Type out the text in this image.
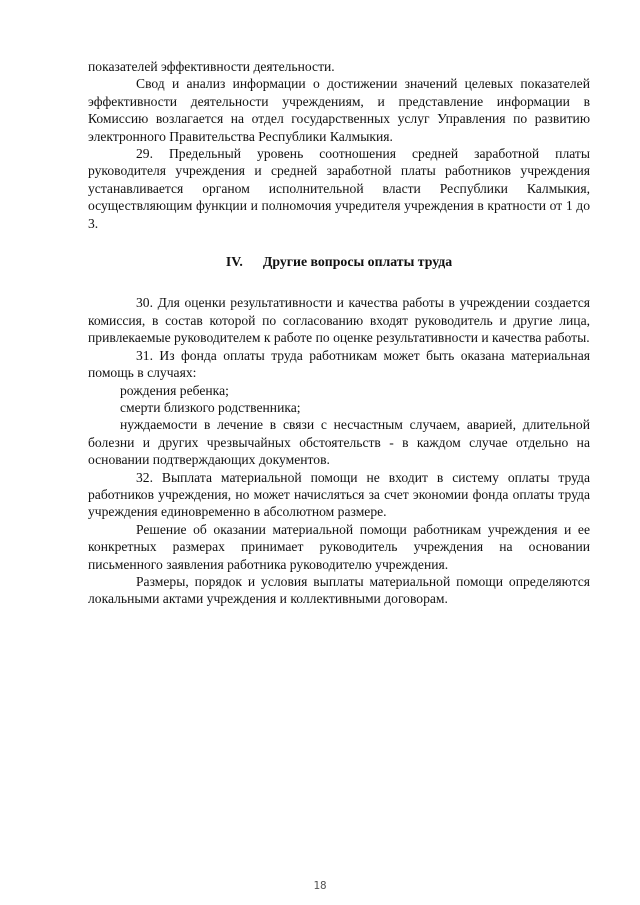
показателей эффективности деятельности.

Свод и анализ информации о достижении значений целевых показателей эффективности деятельности учреждениям, и представление информации в Комиссию возлагается на отдел государственных услуг Управления по развитию электронного Правительства Республики Калмыкия.

29. Предельный уровень соотношения средней заработной платы руководителя учреждения и средней заработной платы работников учреждения устанавливается органом исполнительной власти Республики Калмыкия, осуществляющим функции и полномочия учредителя учреждения в кратности от 1 до 3.

IV. Другие вопросы оплаты труда

30. Для оценки результативности и качества работы в учреждении создается комиссия, в состав которой по согласованию входят руководитель и другие лица, привлекаемые руководителем к работе по оценке результативности и качества работы.

31. Из фонда оплаты труда работникам может быть оказана материальная помощь в случаях:

рождения ребенка;

смерти близкого родственника;

нуждаемости в лечение в связи с несчастным случаем, аварией, длительной болезни и других чрезвычайных обстоятельств - в каждом случае отдельно на основании подтверждающих документов.

32. Выплата материальной помощи не входит в систему оплаты труда работников учреждения, но может начисляться за счет экономии фонда оплаты труда учреждения единовременно в абсолютном размере.

Решение об оказании материальной помощи работникам учреждения и ее конкретных размерах принимает руководитель учреждения на основании письменного заявления работника руководителю учреждения.

Размеры, порядок и условия выплаты материальной помощи определяются локальными актами учреждения и коллективными договорам.

18
